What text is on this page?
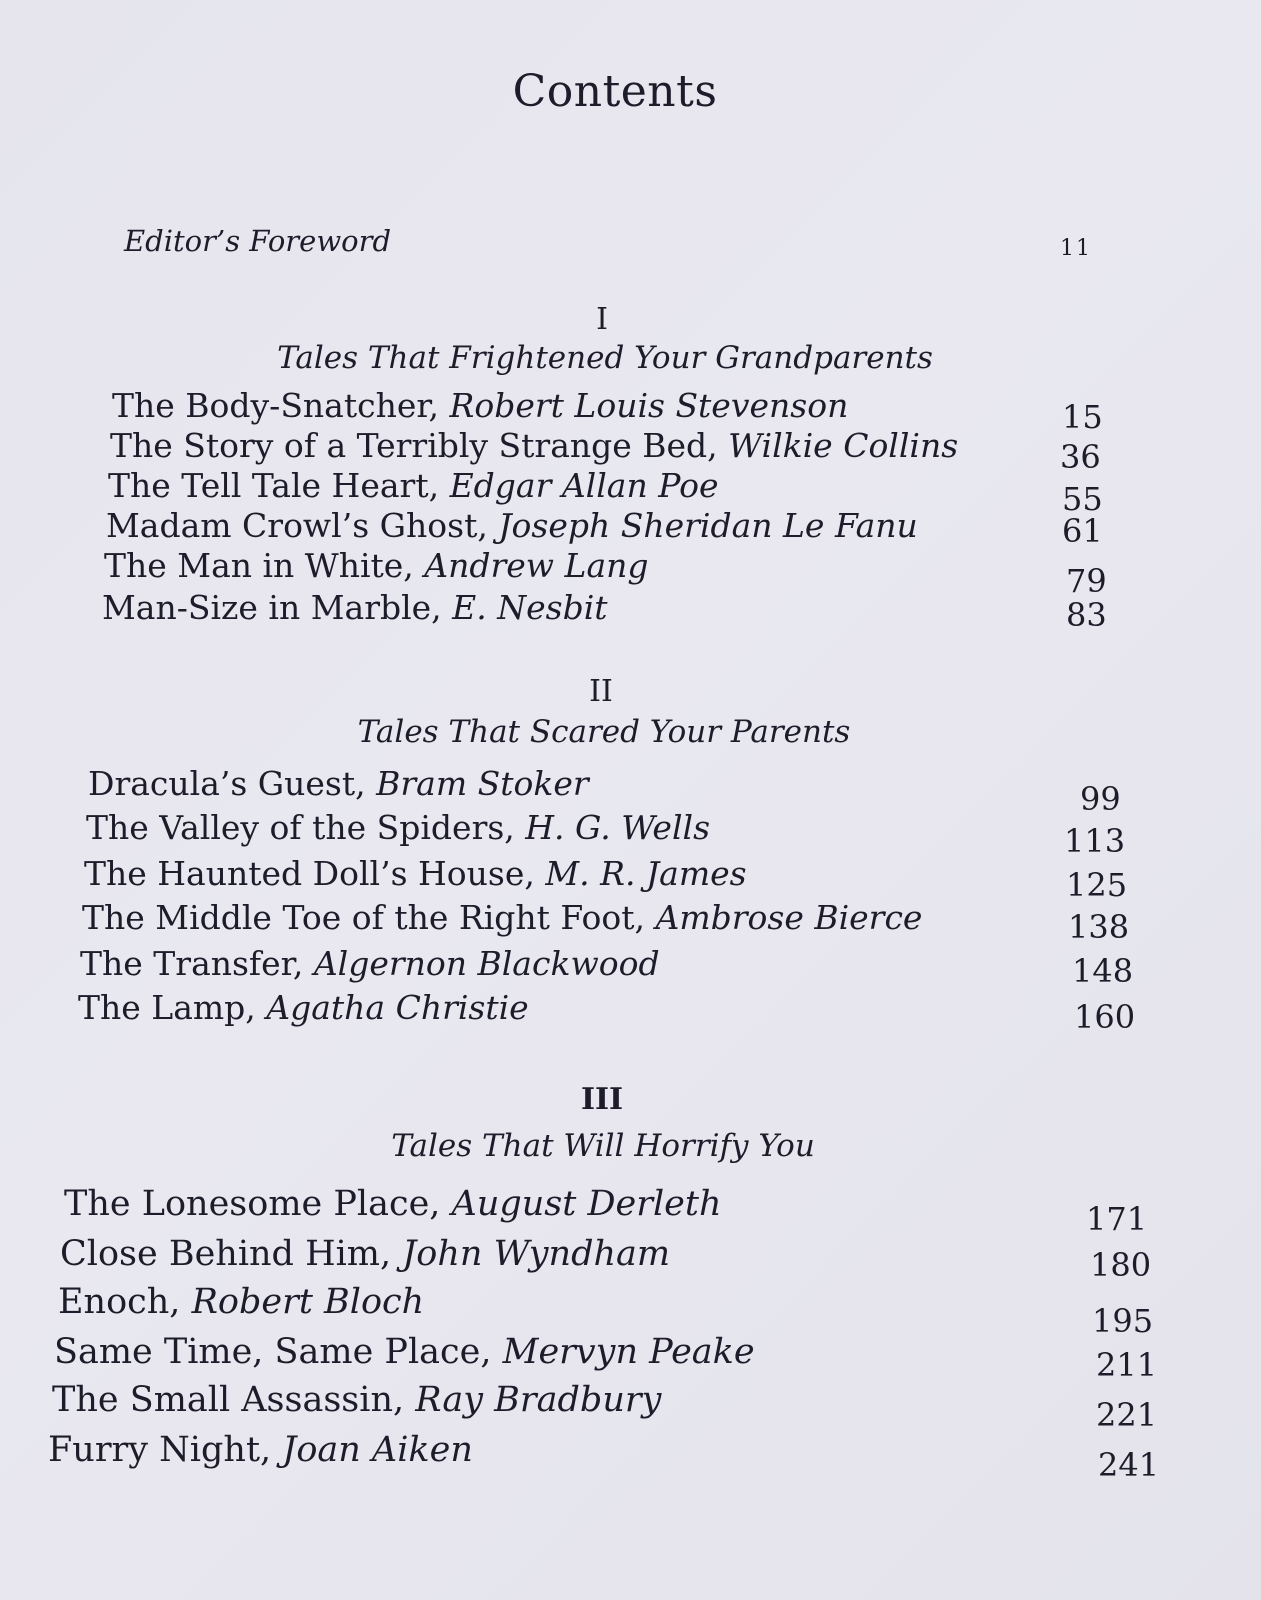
Contents
Editor’s Foreword	11
I
Tales That Frightened Your Grandparents
The Body-Snatcher, Robert Louis Stevenson	15
The Story of a Terribly Strange Bed, Wilkie Collins	36
The Tell Tale Heart, Edgar Allan Poe	55
Madam Crowl’s Ghost, Joseph Sheridan Le Fanu	61
The Man in White, Andrew Lang	79
Man-Size in Marble, E. Nesbit	83
II
Tales That Scared Your Parents
Dracula’s Guest, Bram Stoker	99
The Valley of the Spiders, H. G. Wells	113
The Haunted Doll’s House, M. R. James	125
The Middle Toe of the Right Foot, Ambrose Bierce	138
The Transfer, Algernon Blackwood	148
The Lamp, Agatha Christie	160
III
Tales That Will Horrify You
The Lonesome Place, August Derleth	171
Close Behind Him, John Wyndham	180
Enoch, Robert Bloch	195
Same Time, Same Place, Mervyn Peake	211
The Small Assassin, Ray Bradbury	221
Furry Night, Joan Aiken	241
